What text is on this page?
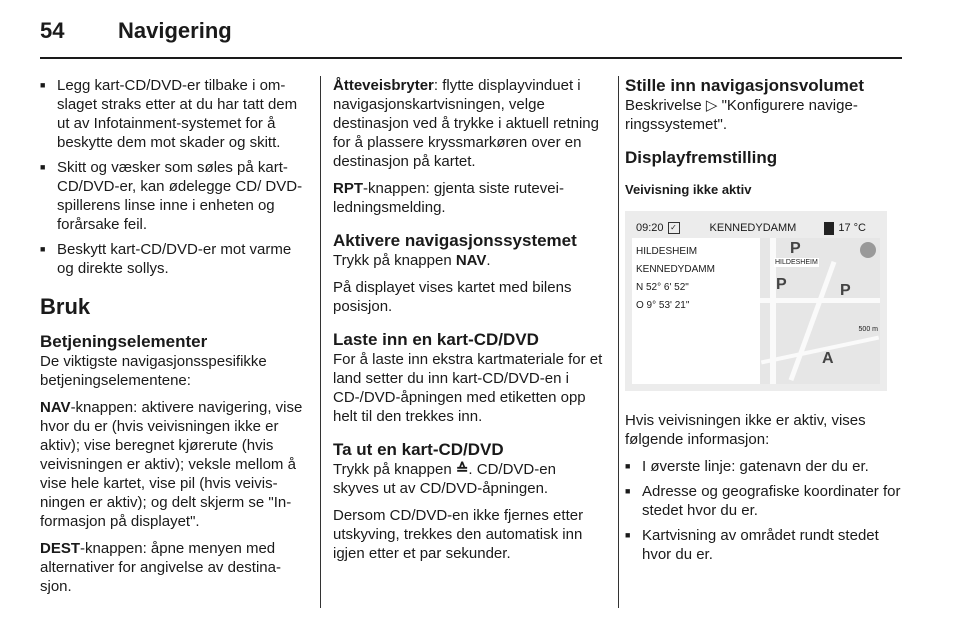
54	Navigering
■ Legg kart-CD/DVD-er tilbake i omslaget straks etter at du har tatt dem ut av Infotainment-systemet for å beskytte dem mot skader og skitt.
■ Skitt og væsker som søles på kart-CD/DVD-er, kan ødelegge CD/ DVD-spillerens linse inne i enheten og forårsake feil.
■ Beskytt kart-CD/DVD-er mot varme og direkte sollys.
Bruk
Betjeningselementer

De viktigste navigasjonsspesifikke betjeningselementene:

NAV-knappen: aktivere navigering, vise hvor du er (hvis veivisningen ikke er aktiv); vise beregnet kjørerute (hvis veivisningen er aktiv); veksle mellom å vise hele kartet, vise pil (hvis veivisningen er aktiv); og delt skjerm se "Informasjon på displayet".

DEST-knappen: åpne menyen med alternativer for angivelse av destinasjon.

Åtteveisbryter: flytte displayvinduet i navigasjonskartvisningen, velge destinasjon ved å trykke i aktuell retning for å plassere kryssmarkøren over en destinasjon på kartet.

RPT-knappen: gjenta siste ruteveiledningsmelding.

Aktivere navigasjonssystemet

Trykk på knappen NAV.

På displayet vises kartet med bilens posisjon.

Laste inn en kart-CD/DVD

For å laste inn ekstra kartmateriale for et land setter du inn kart-CD/DVD-en i CD-/DVD-åpningen med etiketten opp helt til den trekkes inn.

Ta ut en kart-CD/DVD

Trykk på knappen ≙. CD/DVD-en skyves ut av CD/DVD-åpningen.

Dersom CD/DVD-en ikke fjernes etter utskyving, trekkes den automatisk inn igjen etter et par sekunder.

Stille inn navigasjonsvolumet

Beskrivelse ▷ "Konfigurere navigeringssystemet".

Displayfremstilling
Veivisning ikke aktiv
09:20 ✓	KENNEDYDAMM	17 °C
HILDESHEIM
KENNEDYDAMM
N 52° 6' 52"
O 9° 53' 21"
HILDESHEIM
P
P	P
A
500 m

Hvis veivisningen ikke er aktiv, vises følgende informasjon:

■ I øverste linje: gatenavn der du er.
■ Adresse og geografiske koordinater for stedet hvor du er.
■ Kartvisning av området rundt stedet hvor du er.
